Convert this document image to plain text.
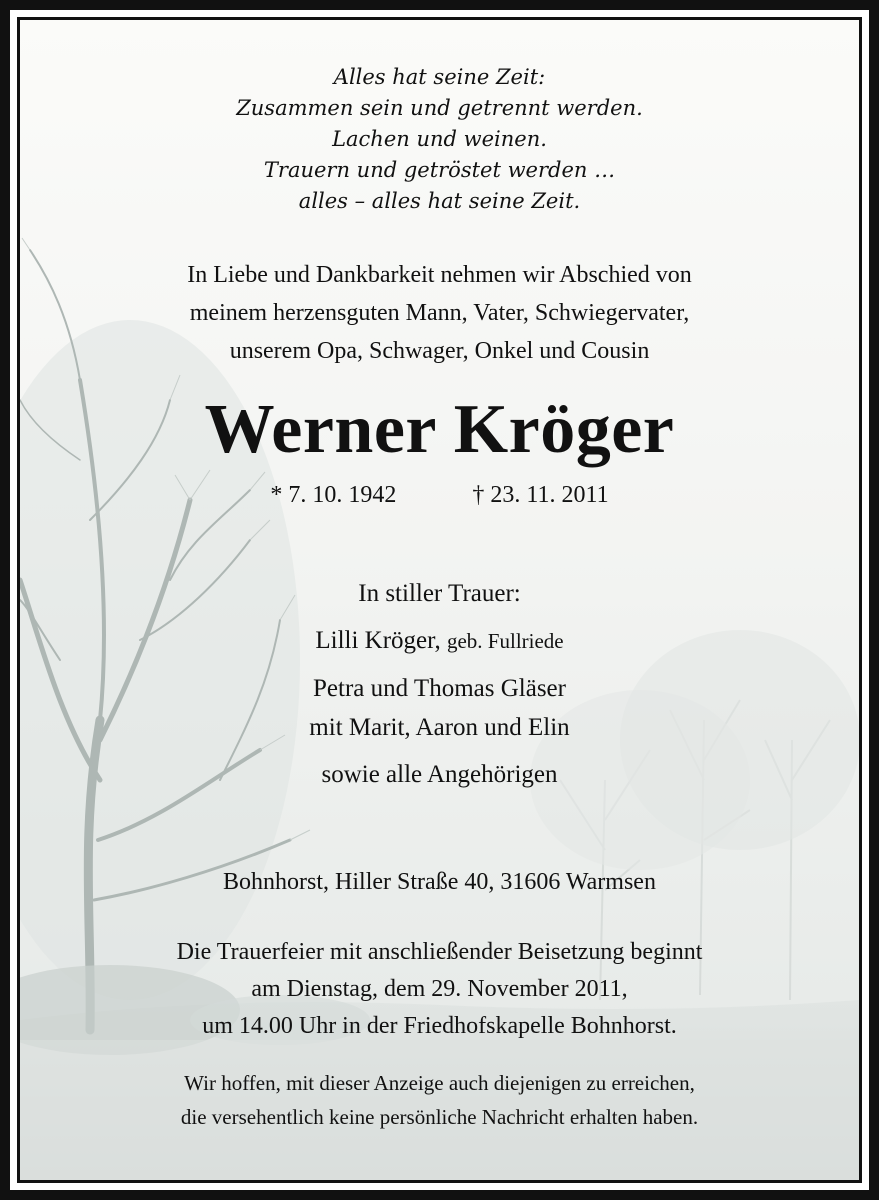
Alles hat seine Zeit:
Zusammen sein und getrennt werden.
Lachen und weinen.
Trauern und getröstet werden …
alles – alles hat seine Zeit.
In Liebe und Dankbarkeit nehmen wir Abschied von
meinem herzensguten Mann, Vater, Schwiegervater,
unserem Opa, Schwager, Onkel und Cousin
Werner Kröger
* 7. 10. 1942	† 23. 11. 2011
In stiller Trauer:
Lilli Kröger, geb. Fullriede
Petra und Thomas Gläser
mit Marit, Aaron und Elin
sowie alle Angehörigen
Bohnhorst, Hiller Straße 40, 31606 Warmsen
Die Trauerfeier mit anschließender Beisetzung beginnt
am Dienstag, dem 29. November 2011,
um 14.00 Uhr in der Friedhofskapelle Bohnhorst.
Wir hoffen, mit dieser Anzeige auch diejenigen zu erreichen,
die versehentlich keine persönliche Nachricht erhalten haben.
